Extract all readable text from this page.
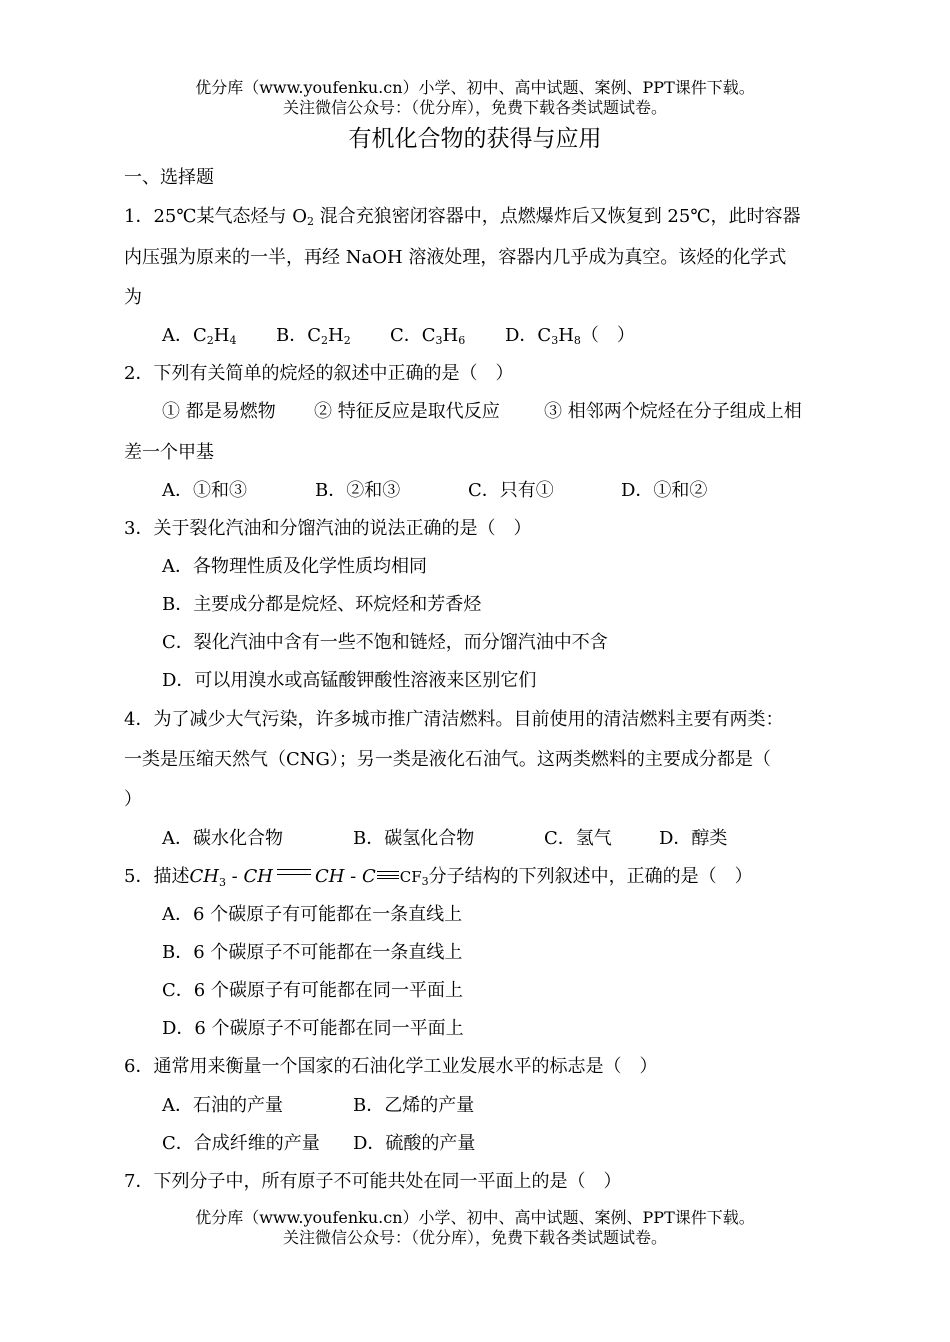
优分库（www.youfenku.cn）小学、初中、高中试题、案例、PPT课件下载。
关注微信公众号：（优分库），免费下载各类试题试卷。
有机化合物的获得与应用
一、选择题
1．25℃某气态烃与 $O_2$ 混合充狼密闭容器中，点燃爆炸后又恢复到 25℃，此时容器
内压强为原来的一半，再经 NaOH 溶液处理，容器内几乎成为真空。该烃的化学式
为
A．$C_2H_4$ B．$C_2H_2$ C．$C_3H_6$ D．$C_3H_8$（　）
2．下列有关简单的烷烃的叙述中正确的是（　）
① 都是易燃物 ② 特征反应是取代反应 ③ 相邻两个烷烃在分子组成上相
差一个甲基
A．①和③	B．②和③	C．只有①	D．①和②
3．关于裂化汽油和分馏汽油的说法正确的是（　）
A．各物理性质及化学性质均相同
B．主要成分都是烷烃、环烷烃和芳香烃
C．裂化汽油中含有一些不饱和链烃，而分馏汽油中不含
D．可以用溴水或高锰酸钾酸性溶液来区别它们
4．为了减少大气污染，许多城市推广清洁燃料。目前使用的清洁燃料主要有两类：
一类是压缩天然气（CNG）；另一类是液化石油气。这两类燃料的主要成分都是（
）
A．碳水化合物	B．碳氢化合物	C．氢气	D．醇类
5．描述$CH_3$ - CH CH - C $CF_3$分子结构的下列叙述中，正确的是（　）
A．6 个碳原子有可能都在一条直线上
B．6 个碳原子不可能都在一条直线上
C．6 个碳原子有可能都在同一平面上
D．6 个碳原子不可能都在同一平面上
6．通常用来衡量一个国家的石油化学工业发展水平的标志是（　）
A．石油的产量	B．乙烯的产量
C．合成纤维的产量 D．硫酸的产量
7．下列分子中，所有原子不可能共处在同一平面上的是（　）
优分库（www.youfenku.cn）小学、初中、高中试题、案例、PPT课件下载。
关注微信公众号：（优分库），免费下载各类试题试卷。
